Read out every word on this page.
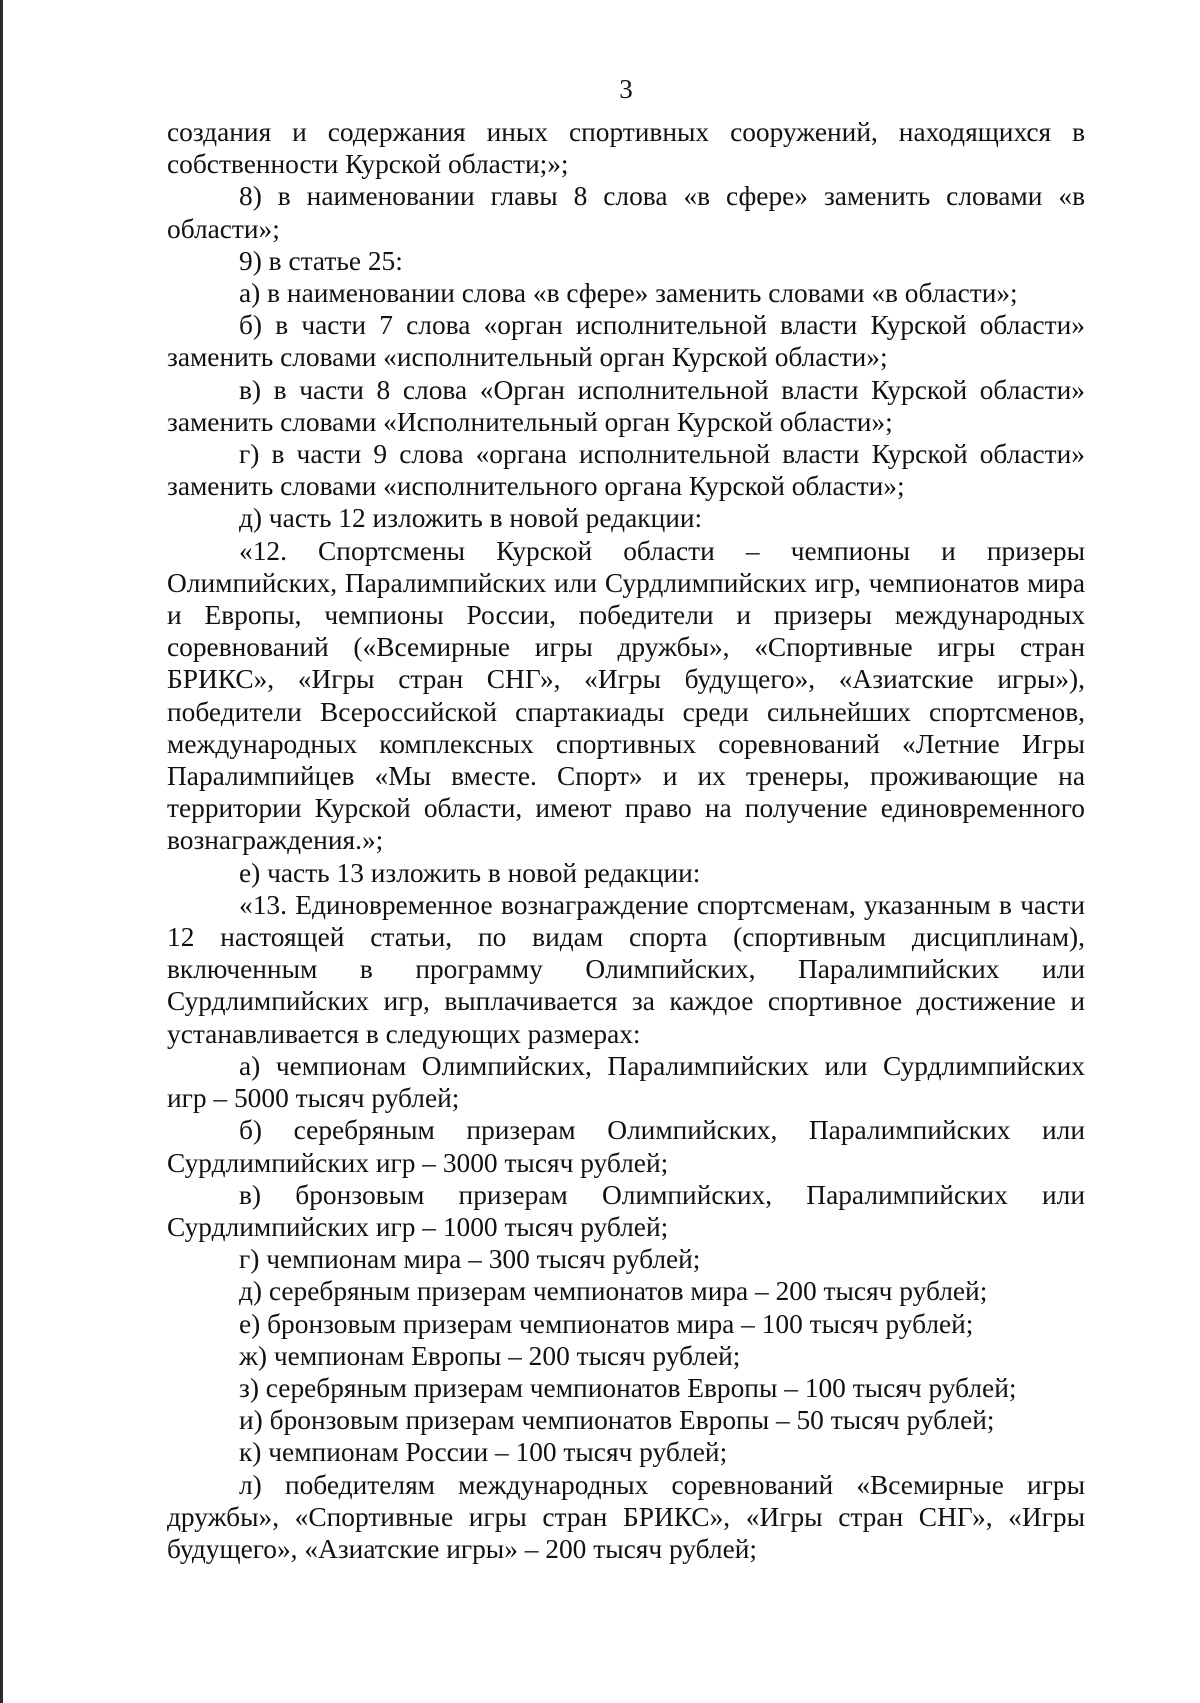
3

создания и содержания иных спортивных сооружений, находящихся в собственности Курской области;»;

8) в наименовании главы 8 слова «в сфере» заменить словами «в области»;

9) в статье 25:

а) в наименовании слова «в сфере» заменить словами «в области»;

б) в части 7 слова «орган исполнительной власти Курской области» заменить словами «исполнительный орган Курской области»;

в) в части 8 слова «Орган исполнительной власти Курской области» заменить словами «Исполнительный орган Курской области»;

г) в части 9 слова «органа исполнительной власти Курской области» заменить словами «исполнительного органа Курской области»;

д) часть 12 изложить в новой редакции:

«12. Спортсмены Курской области – чемпионы и призеры Олимпийских, Паралимпийских или Сурдлимпийских игр, чемпионатов мира и Европы, чемпионы России, победители и призеры международных соревнований («Всемирные игры дружбы», «Спортивные игры стран БРИКС», «Игры стран СНГ», «Игры будущего», «Азиатские игры»), победители Всероссийской спартакиады среди сильнейших спортсменов, международных комплексных спортивных соревнований «Летние Игры Паралимпийцев «Мы вместе. Спорт» и их тренеры, проживающие на территории Курской области, имеют право на получение единовременного вознаграждения.»;

е) часть 13 изложить в новой редакции:

«13. Единовременное вознаграждение спортсменам, указанным в части 12 настоящей статьи, по видам спорта (спортивным дисциплинам), включенным в программу Олимпийских, Паралимпийских или Сурдлимпийских игр, выплачивается за каждое спортивное достижение и устанавливается в следующих размерах:

а) чемпионам Олимпийских, Паралимпийских или Сурдлимпийских игр – 5000 тысяч рублей;

б) серебряным призерам Олимпийских, Паралимпийских или Сурдлимпийских игр – 3000 тысяч рублей;

в) бронзовым призерам Олимпийских, Паралимпийских или Сурдлимпийских игр – 1000 тысяч рублей;

г) чемпионам мира – 300 тысяч рублей;

д) серебряным призерам чемпионатов мира – 200 тысяч рублей;

е) бронзовым призерам чемпионатов мира – 100 тысяч рублей;

ж) чемпионам Европы – 200 тысяч рублей;

з) серебряным призерам чемпионатов Европы – 100 тысяч рублей;

и) бронзовым призерам чемпионатов Европы – 50 тысяч рублей;

к) чемпионам России – 100 тысяч рублей;

л) победителям международных соревнований «Всемирные игры дружбы», «Спортивные игры стран БРИКС», «Игры стран СНГ», «Игры будущего», «Азиатские игры» – 200 тысяч рублей;
